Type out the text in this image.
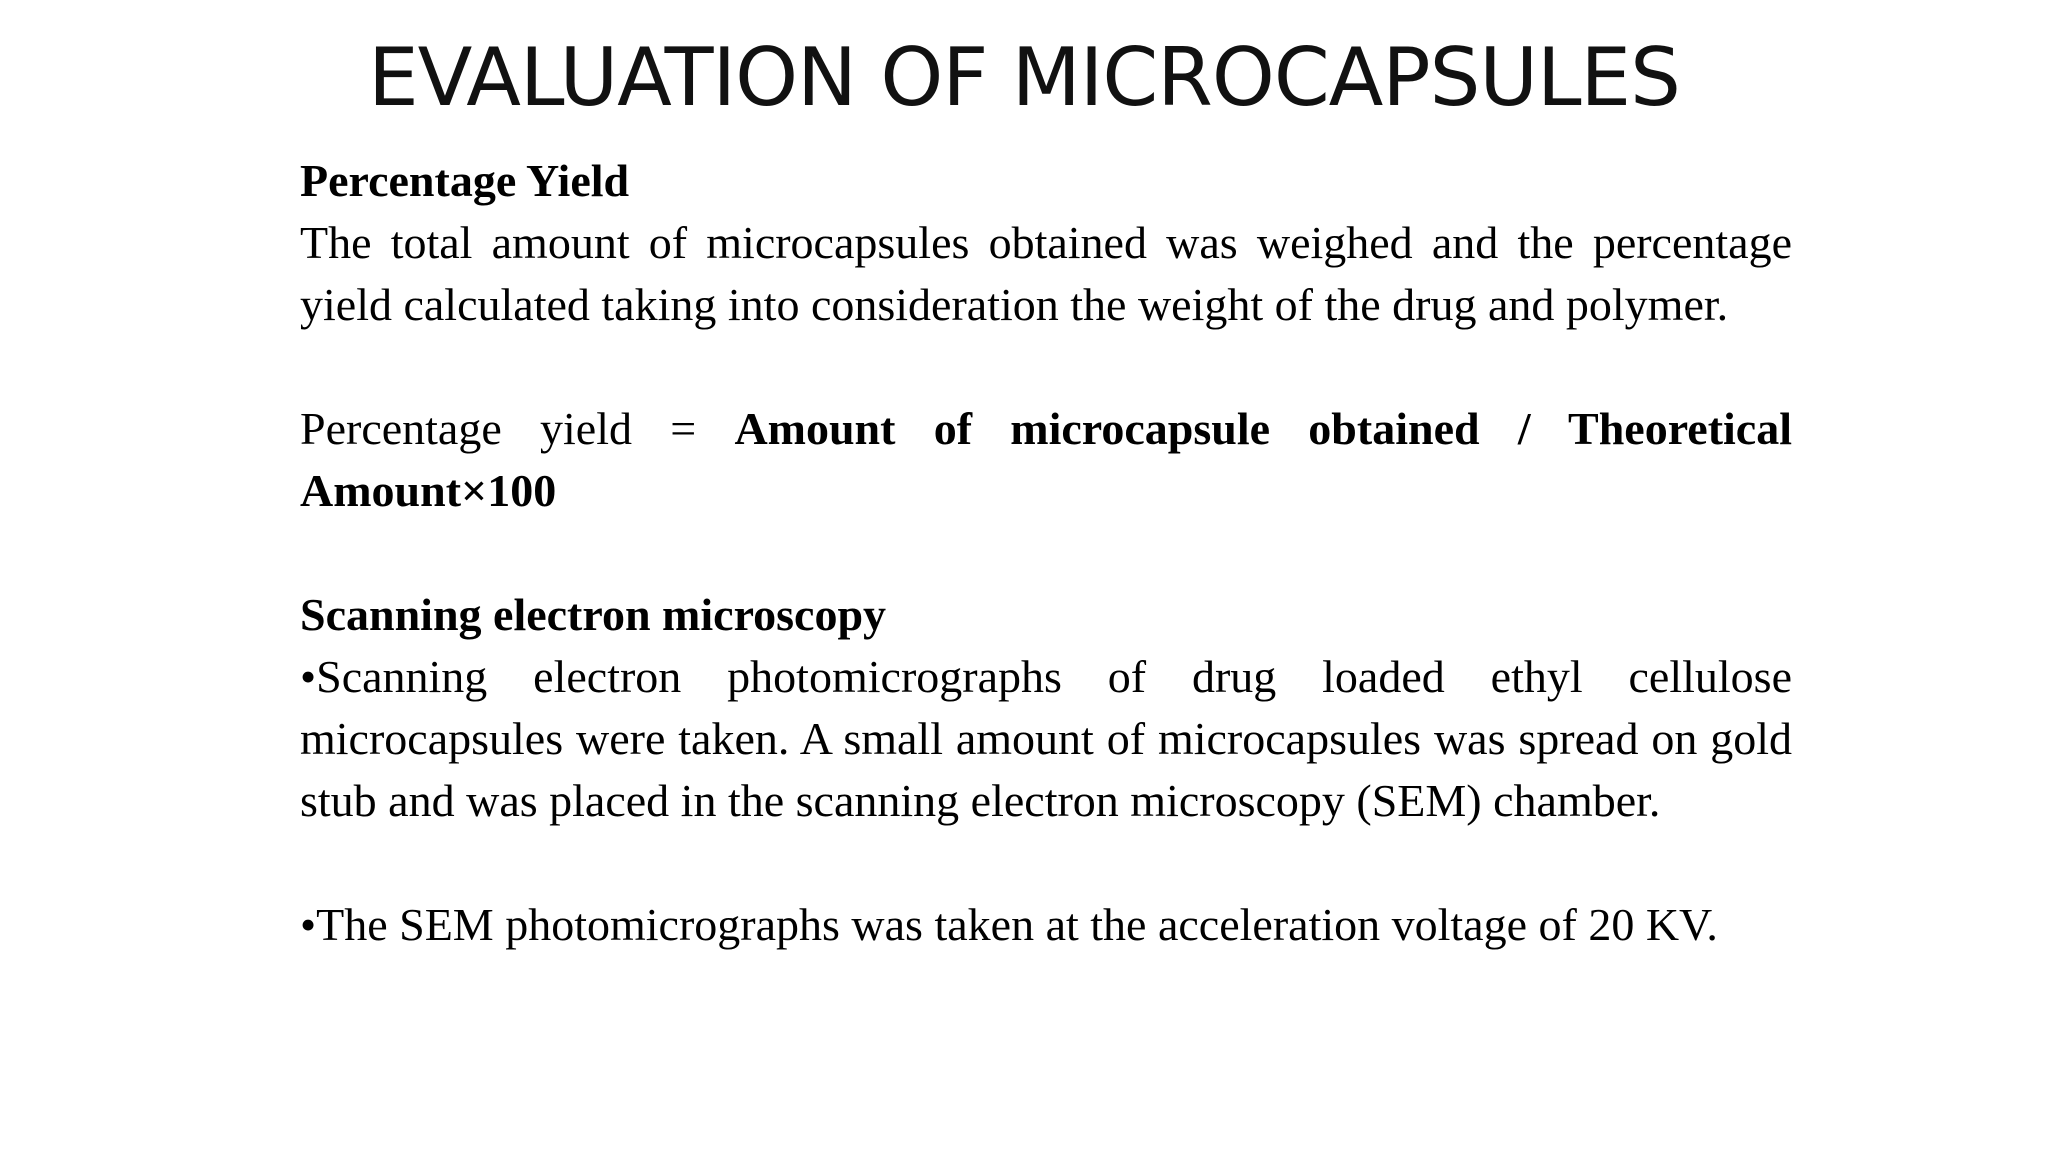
EVALUATION OF MICROCAPSULES

Percentage Yield

The total amount of microcapsules obtained was weighed and the percentage yield calculated taking into consideration the weight of the drug and polymer.

Percentage yield = Amount of microcapsule obtained / Theoretical Amount×100

Scanning electron microscopy

•Scanning electron photomicrographs of drug loaded ethyl cellulose microcapsules were taken. A small amount of microcapsules was spread on gold stub and was placed in the scanning electron microscopy (SEM) chamber.

•The SEM photomicrographs was taken at the acceleration voltage of 20 KV.
